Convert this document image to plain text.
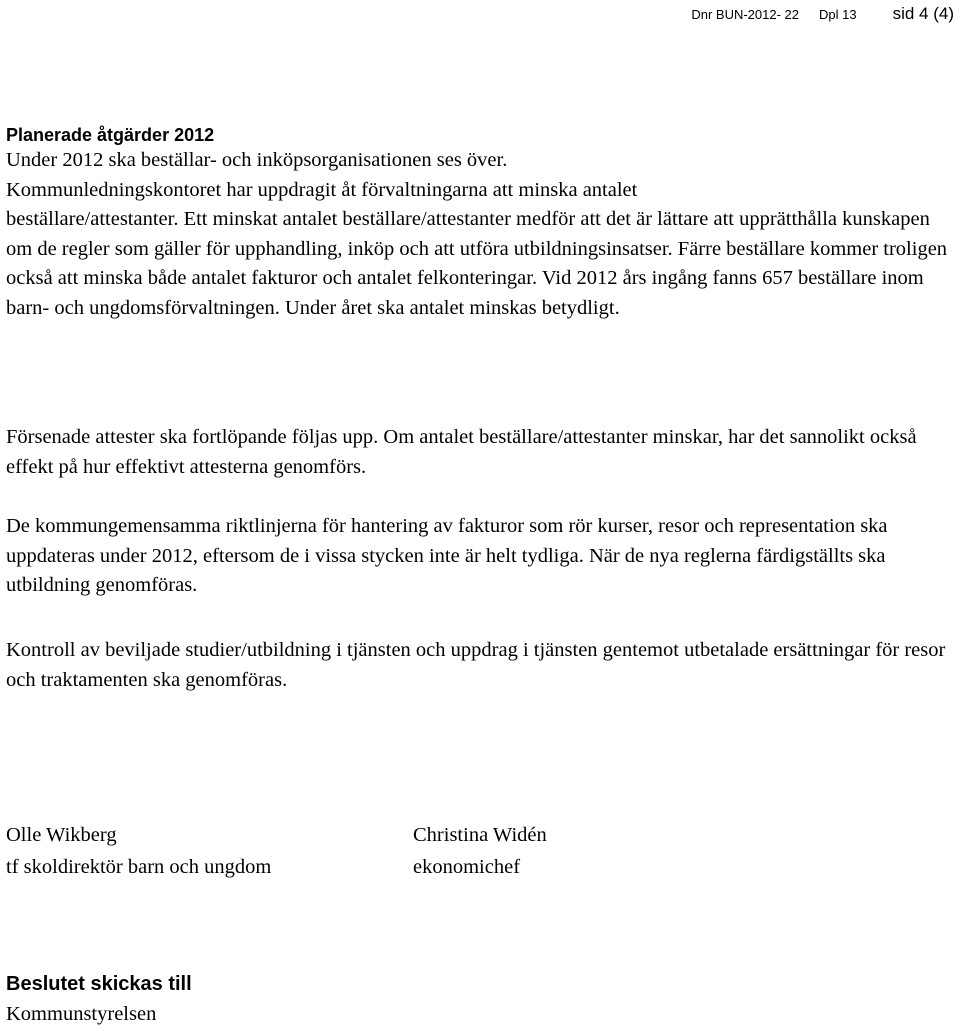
Dnr BUN-2012- 22 Dpl 13 sid 4 (4)
Planerade åtgärder 2012
Under 2012 ska beställar- och inköpsorganisationen ses över.
Kommunledningskontoret har uppdragit åt förvaltningarna att minska antalet

beställare/attestanter. Ett minskat antalet beställare/attestanter medför att det är lättare att upprätthålla kunskapen om de regler som gäller för upphandling, inköp och att utföra utbildningsinsatser. Färre beställare kommer troligen också att minska både antalet fakturor och antalet felkonteringar. Vid 2012 års ingång fanns 657 beställare inom barn- och ungdomsförvaltningen. Under året ska antalet minskas betydligt.

Försenade attester ska fortlöpande följas upp. Om antalet beställare/attestanter minskar, har det sannolikt också effekt på hur effektivt attesterna genomförs.

De kommungemensamma riktlinjerna för hantering av fakturor som rör kurser, resor och representation ska uppdateras under 2012, eftersom de i vissa stycken inte är helt tydliga. När de nya reglerna färdigställts ska utbildning genomföras.

Kontroll av beviljade studier/utbildning i tjänsten och uppdrag i tjänsten gentemot utbetalade ersättningar för resor och traktamenten ska genomföras.

Olle Wikberg
tf skoldirektör barn och ungdom
Christina Widén
ekonomichef
Beslutet skickas till
Kommunstyrelsen
